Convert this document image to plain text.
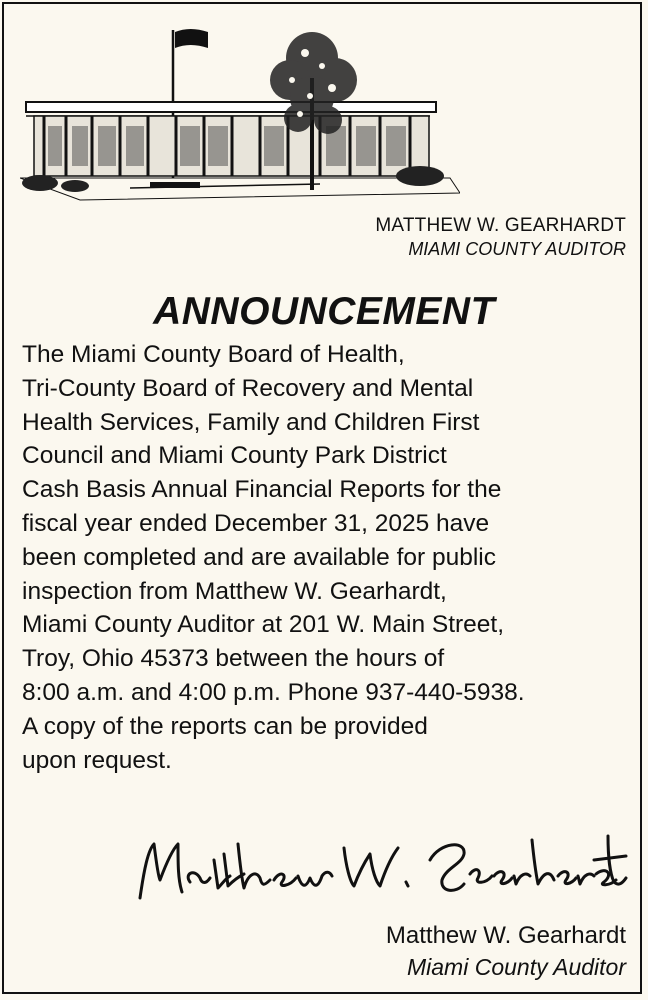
MATTHEW W. GEARHARDT
MIAMI COUNTY AUDITOR
ANNOUNCEMENT
The Miami County Board of Health,
Tri-County Board of Recovery and Mental
Health Services, Family and Children First
Council and Miami County Park District
Cash Basis Annual Financial Reports for the
fiscal year ended December 31, 2025 have
been completed and are available for public
inspection from Matthew W. Gearhardt,
Miami County Auditor at 201 W. Main Street,
Troy, Ohio 45373 between the hours of
8:00 a.m. and 4:00 p.m. Phone 937-440-5938.
A copy of the reports can be provided
upon request.
Matthew W. Gearhardt
Miami County Auditor
